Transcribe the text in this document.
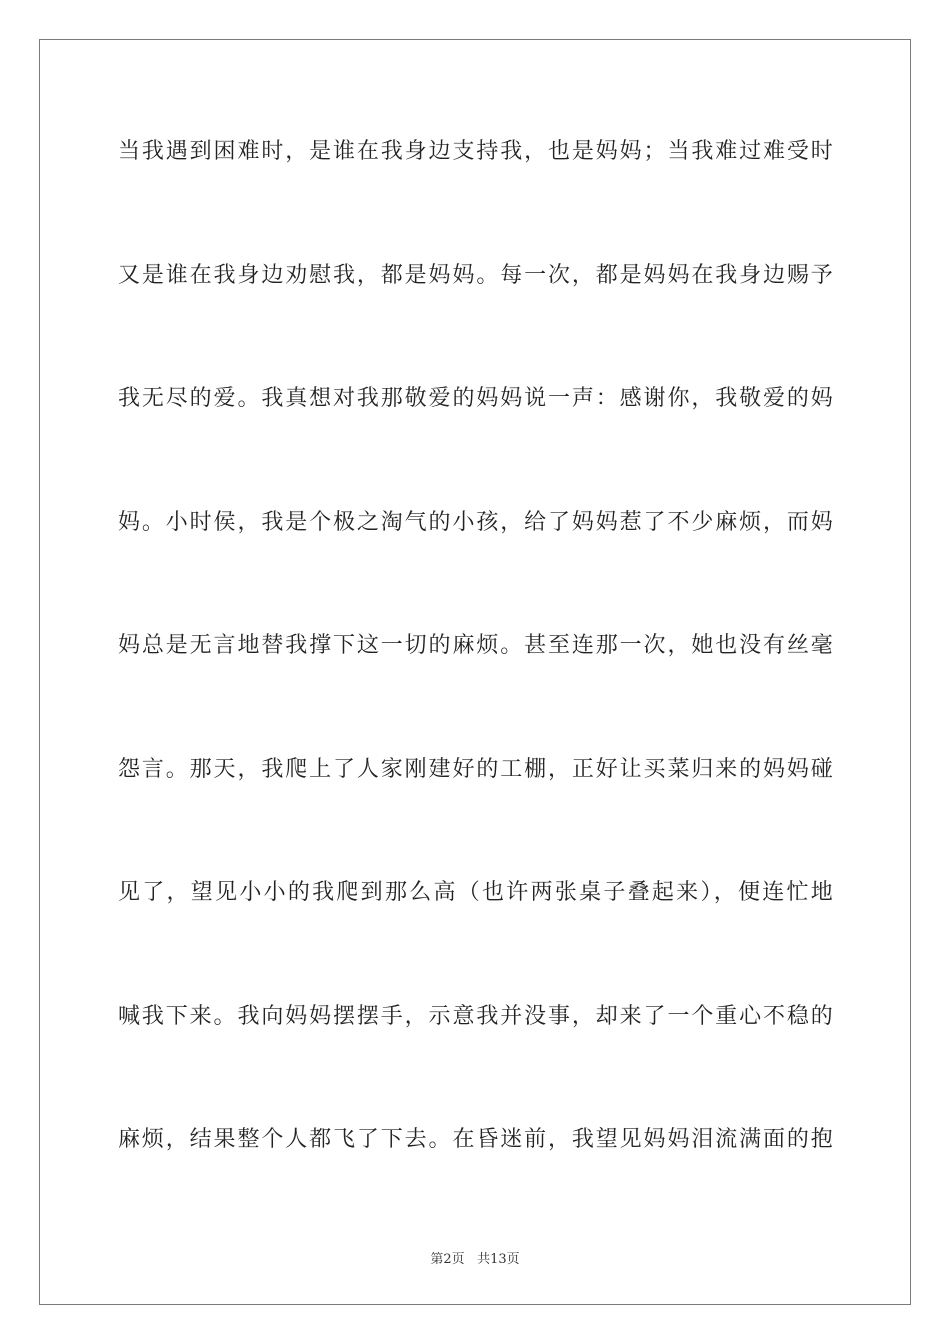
当我遇到困难时，是谁在我身边支持我，也是妈妈；当我难过难受时
又是谁在我身边劝慰我，都是妈妈。每一次，都是妈妈在我身边赐予
我无尽的爱。我真想对我那敬爱的妈妈说一声：感谢你，我敬爱的妈
妈。小时侯，我是个极之淘气的小孩，给了妈妈惹了不少麻烦，而妈
妈总是无言地替我撑下这一切的麻烦。甚至连那一次，她也没有丝毫
怨言。那天，我爬上了人家刚建好的工棚，正好让买菜归来的妈妈碰
见了，望见小小的我爬到那么高（也许两张桌子叠起来），便连忙地
喊我下来。我向妈妈摆摆手，示意我并没事，却来了一个重心不稳的
麻烦，结果整个人都飞了下去。在昏迷前，我望见妈妈泪流满面的抱
第2页 共13页
